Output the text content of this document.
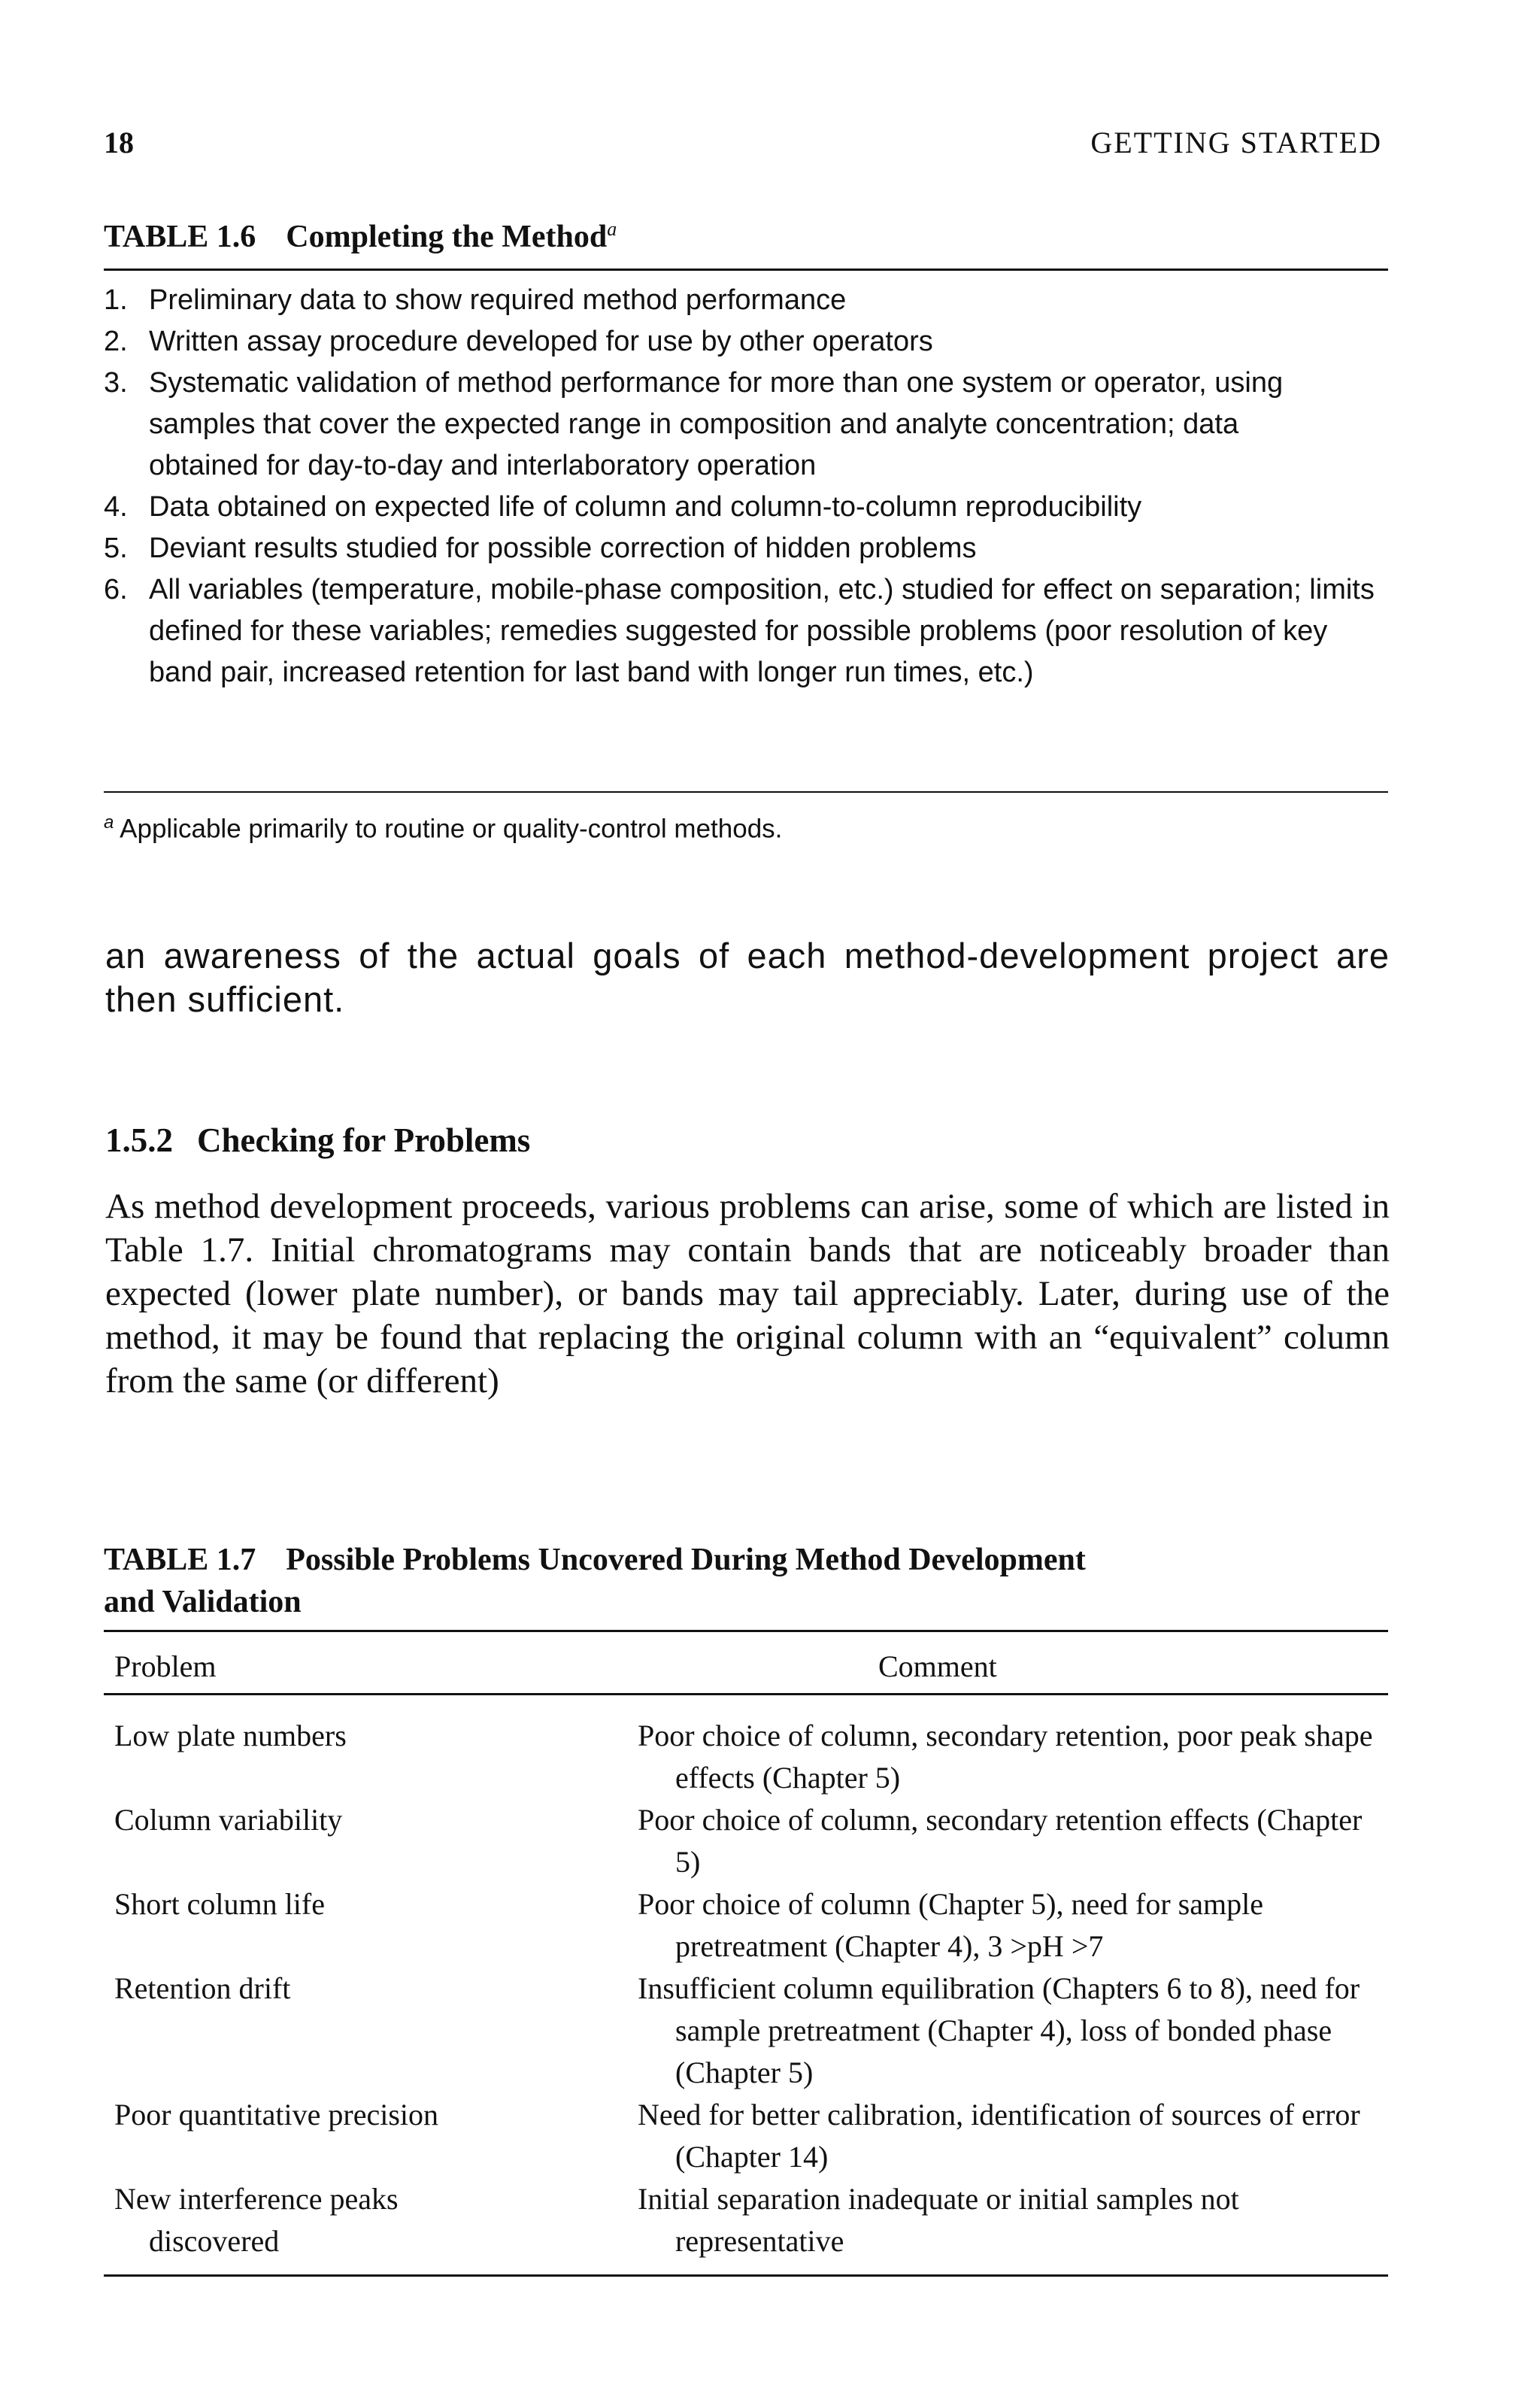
18	GETTING STARTED
TABLE 1.6 Completing the Method$^a$
1. Preliminary data to show required method performance
2. Written assay procedure developed for use by other operators
3. Systematic validation of method performance for more than one system or operator, using samples that cover the expected range in composition and analyte concentration; data obtained for day-to-day and interlaboratory operation
4. Data obtained on expected life of column and column-to-column reproducibility
5. Deviant results studied for possible correction of hidden problems
6. All variables (temperature, mobile-phase composition, etc.) studied for effect on separation; limits defined for these variables; remedies suggested for possible problems (poor resolution of key band pair, increased retention for last band with longer run times, etc.)
$^a$ Applicable primarily to routine or quality-control methods.
an awareness of the actual goals of each method-development project are then sufficient.
1.5.2 Checking for Problems
As method development proceeds, various problems can arise, some of which are listed in Table 1.7. Initial chromatograms may contain bands that are noticeably broader than expected (lower plate number), or bands may tail appreciably. Later, during use of the method, it may be found that replacing the original column with an “equivalent” column from the same (or different)
TABLE 1.7 Possible Problems Uncovered During Method Development
and Validation
Problem	Comment
Low plate numbers	Poor choice of column, secondary retention, poor peak shape effects (Chapter 5)

Column variability	Poor choice of column, secondary retention effects (Chapter 5)

Short column life	Poor choice of column (Chapter 5), need for sample pretreatment (Chapter 4), 3 >pH >7

Retention drift	Insufficient column equilibration (Chapters 6 to 8), need for sample pretreatment (Chapter 4), loss of bonded phase (Chapter 5)

Poor quantitative precision	Need for better calibration, identification of sources of error (Chapter 14)

New interference peaks
discovered	Initial separation inadequate or initial samples not representative
